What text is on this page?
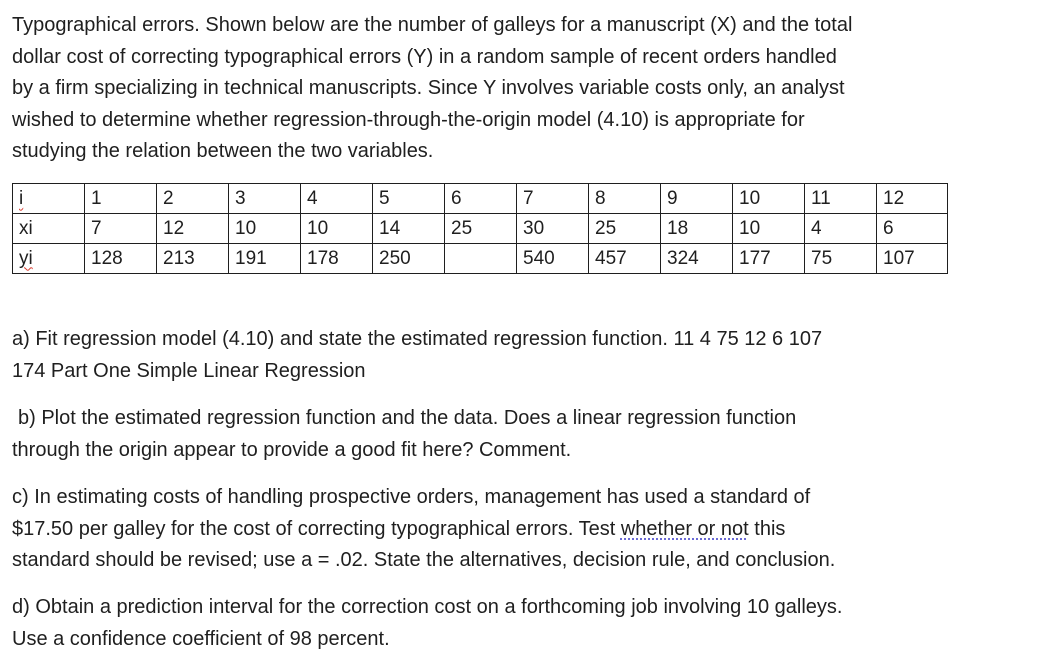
Typographical errors. Shown below are the number of galleys for a manuscript (X) and the total
dollar cost of correcting typographical errors (Y) in a random sample of recent orders handled
by a firm specializing in technical manuscripts. Since Y involves variable costs only, an analyst
wished to determine whether regression-through-the-origin model (4.10) is appropriate for
studying the relation between the two variables.
i	1	2	3	4	5	6	7	8	9	10	11	12
xi	7	12	10	10	14	25	30	25	18	10	4	6
yi	128	213	191	178	250		540	457	324	177	75	107
a) Fit regression model (4.10) and state the estimated regression function. 11 4 75 12 6 107
174 Part One Simple Linear Regression
b) Plot the estimated regression function and the data. Does a linear regression function
through the origin appear to provide a good fit here? Comment.
c) In estimating costs of handling prospective orders, management has used a standard of
$17.50 per galley for the cost of correcting typographical errors. Test whether or not this
standard should be revised; use a = .02. State the alternatives, decision rule, and conclusion.
d) Obtain a prediction interval for the correction cost on a forthcoming job involving 10 galleys.
Use a confidence coefficient of 98 percent.
